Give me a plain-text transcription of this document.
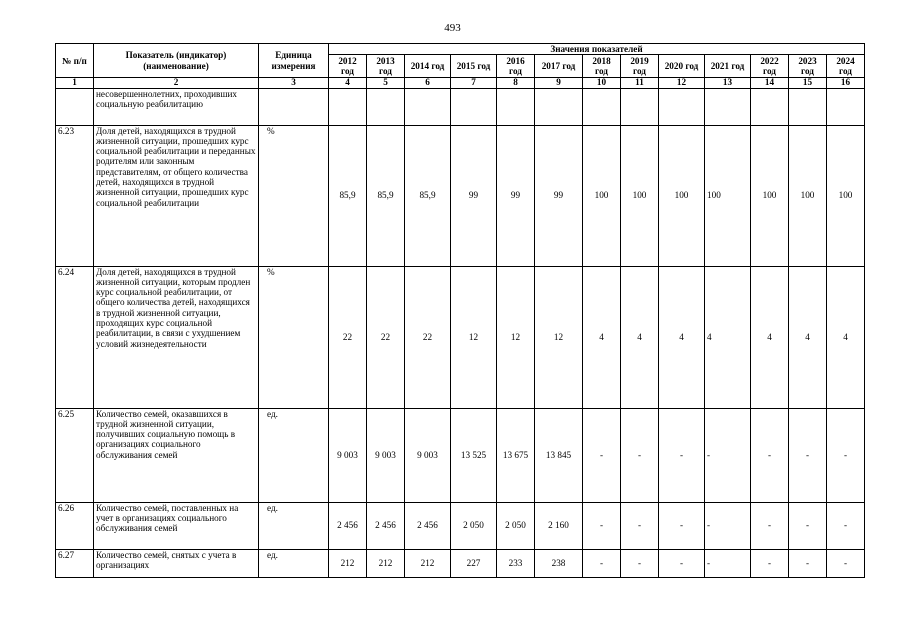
493
№ п/п	Показатель (индикатор) (наименование)	Единица измерения	Значения показателей												
			2012 год	2013 год	2014 год	2015 год	2016 год	2017 год	2018 год	2019 год	2020 год	2021 год	2022 год	2023 год	2024 год
1	2	3	4	5	6	7	8	9	10	11	12	13	14	15	16
	несовершеннолетних, проходивших социальную реабилитацию														
6.23	Доля детей, находящихся в трудной жизненной ситуации, прошедших курс социальной реабилитации и переданных родителям или законным представителям, от общего количества детей, находящихся в трудной жизненной ситуации, прошедших курс социальной реабилитации	%	85,9	85,9	85,9	99	99	99	100	100	100	100	100	100	100
6.24	Доля детей, находящихся в трудной жизненной ситуации, которым продлен курс социальной реабилитации, от общего количества детей, находящихся в трудной жизненной ситуации, проходящих курс социальной реабилитации, в связи с ухудшением условий жизнедеятельности	%	22	22	22	12	12	12	4	4	4	4	4	4	4
6.25	Количество семей, оказавшихся в трудной жизненной ситуации, получивших социальную помощь в организациях социального обслуживания семей	ед.	9 003	9 003	9 003	13 525	13 675	13 845	-	-	-	-	-	-	-
6.26	Количество семей, поставленных на учет в организациях социального обслуживания семей	ед.	2 456	2 456	2 456	2 050	2 050	2 160	-	-	-	-	-	-	-
6.27	Количество семей, снятых с учета в организациях	ед.	212	212	212	227	233	238	-	-	-	-	-	-	-
